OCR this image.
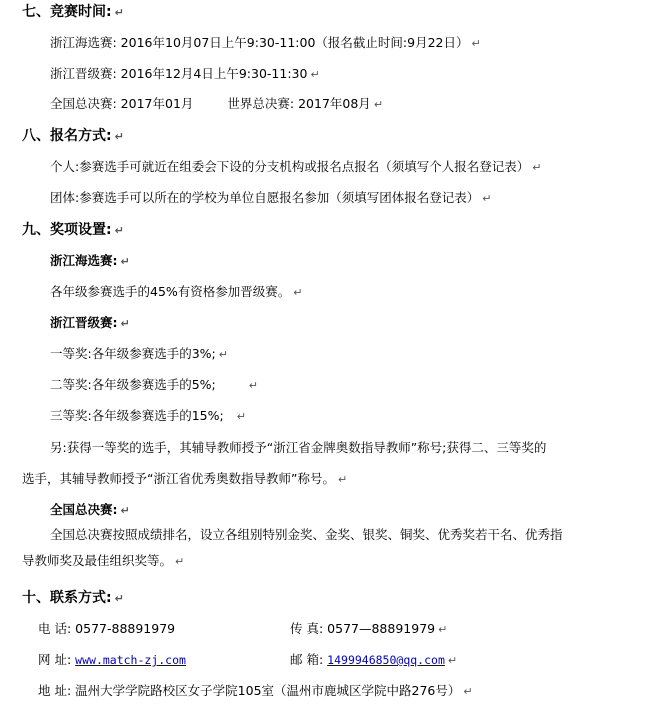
七、竞赛时间: ↵
浙江海选赛: 2016年10月07日上午9:30-11:00（报名截止时间:9月22日） ↵
浙江晋级赛: 2016年12月4日上午9:30-11:30 ↵
全国总决赛: 2017年01月	世界总决赛: 2017年08月 ↵
八、报名方式: ↵
个人:参赛选手可就近在组委会下设的分支机构或报名点报名（须填写个人报名登记表） ↵
团体:参赛选手可以所在的学校为单位自愿报名参加（须填写团体报名登记表） ↵
九、奖项设置: ↵
浙江海选赛: ↵
各年级参赛选手的45%有资格参加晋级赛。 ↵
浙江晋级赛: ↵
一等奖:各年级参赛选手的3%; ↵
二等奖:各年级参赛选手的5%;	↵
三等奖:各年级参赛选手的15%; ↵
另:获得一等奖的选手，其辅导教师授予“浙江省金牌奥数指导教师”称号;获得二、三等奖的
选手，其辅导教师授予“浙江省优秀奥数指导教师”称号。 ↵
全国总决赛: ↵
全国总决赛按照成绩排名，设立各组别特别金奖、金奖、银奖、铜奖、优秀奖若干名、优秀指
导教师奖及最佳组织奖等。 ↵
十、联系方式: ↵
电 话: 0577-88891979	传 真: 0577—88891979 ↵
网 址: www.match-zj.com	邮 箱: 1499946850@qq.com ↵
地 址: 温州大学学院路校区女子学院105室（温州市鹿城区学院中路276号） ↵
